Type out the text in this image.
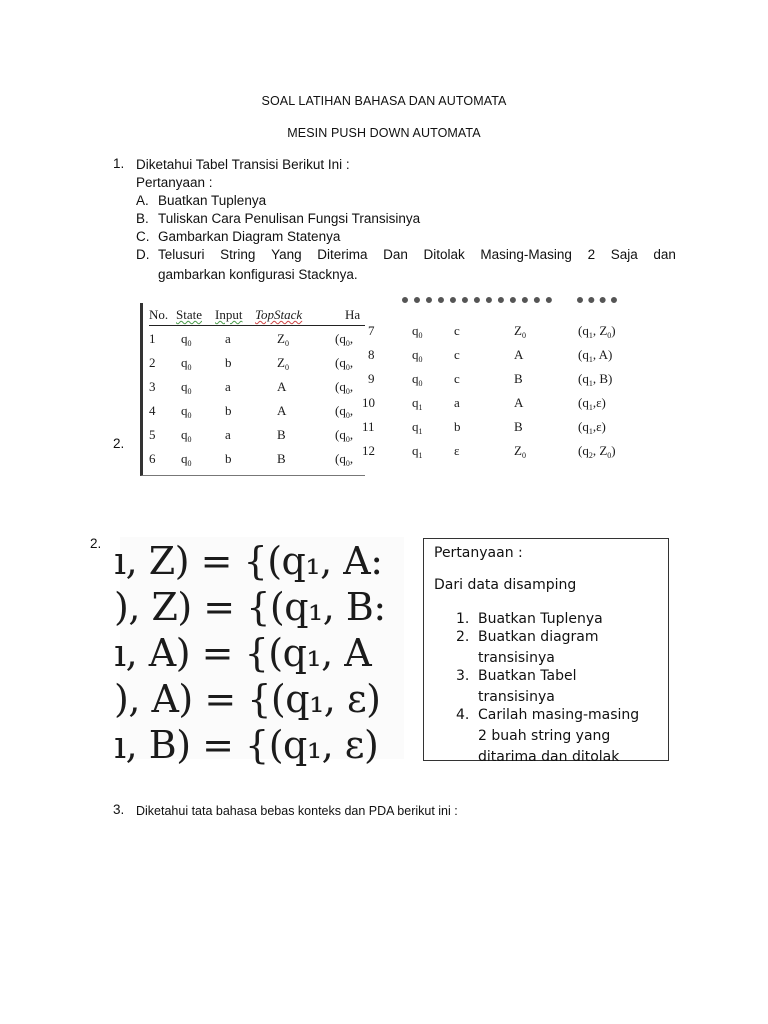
SOAL LATIHAN BAHASA DAN AUTOMATA
MESIN PUSH DOWN AUTOMATA
1. Diketahui Tabel Transisi Berikut Ini :
Pertanyaan :
A. Buatkan Tuplenya
B. Tuliskan Cara Penulisan Fungsi Transisinya
C. Gambarkan Diagram Statenya
D. Telusuri String Yang Diterima Dan Ditolak Masing-Masing 2 Saja dan
gambarkan konfigurasi Stacknya.
2.
No. State Input TopStack	Ha
1 $q_0$	a	$Z_0$	($q_0$,
2 $q_0$	b	$Z_0$	($q_0$,
3 $q_0$	a	A	($q_0$,
4 $q_0$	b	A	($q_0$,
5 $q_0$	a	B	($q_0$,
6 $q_0$	b	B	($q_0$,
7	$q_0$ c	$Z_0$	($q_1$, $Z_0$)
8	$q_0$ c	A	($q_1$, A)
9	$q_0$ c	B	($q_1$, B)
10	$q_1$ a	A	$(q_1,\varepsilon)$
11	$q_1$ b	B	$(q_1,\varepsilon)$
12	$q_1$ ε	$Z_0$	($q_2$, $Z_0$)
2. ı, Z) = {(q₁, A:
), Z) = {(q₁, B:
ı, A) = {(q₁, A
), A) = {(q₁, ε)
ı, B) = {(q₁, ε)
Pertanyaan :
Dari data disamping
1. Buatkan Tuplenya
2. Buatkan diagram
transisinya
3. Buatkan Tabel
transisinya
4. Carilah masing-masing
2 buah string yang
ditarima dan ditolak
3. Diketahui tata bahasa bebas konteks dan PDA berikut ini :
